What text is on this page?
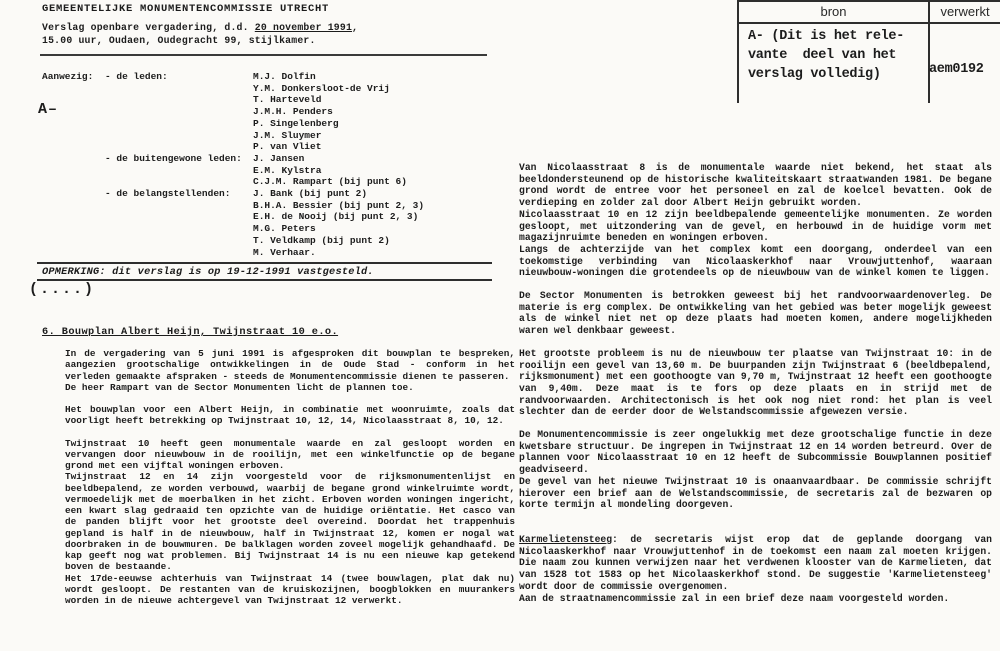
GEMEENTELIJKE MONUMENTENCOMMISSIE UTRECHT
Verslag openbare vergadering, d.d. 20 november 1991,
15.00 uur, Oudaen, Oudegracht 99, stijlkamer.
bron	verwerkt
A- (Dit is het rele-
vante  deel van het
verslag volledig)	aem0192
Aanwezig: - de leden:	M.J. Dolfin
Y.M. Donkersloot-de Vrij
T. Harteveld
J.M.H. Penders
P. Singelenberg
J.M. Sluymer
P. van Vliet
- de buitengewone leden:	J. Jansen
E.M. Kylstra
C.J.M. Rampart (bij punt 6)
- de belangstellenden:	J. Bank (bij punt 2)
B.H.A. Bessier (bij punt 2, 3)
E.H. de Nooij (bij punt 2, 3)
M.G. Peters
T. Veldkamp (bij punt 2)
M. Verhaar.
A–
OPMERKING: dit verslag is op 19-12-1991 vastgesteld.
(....)
6. Bouwplan Albert Heijn, Twijnstraat 10 e.o.
In de vergadering van 5 juni 1991 is afgesproken dit bouwplan te bespreken, aangezien grootschalige ontwikkelingen in de Oude Stad - conform in het verleden gemaakte afspraken - steeds de Monumentencommissie dienen te passeren.
De heer Rampart van de Sector Monumenten licht de plannen toe.
Het bouwplan voor een Albert Heijn, in combinatie met woonruimte, zoals dat voorligt heeft betrekking op Twijnstraat 10, 12, 14, Nicolaasstraat 8, 10, 12.
Twijnstraat 10 heeft geen monumentale waarde en zal gesloopt worden en vervangen door nieuwbouw in de rooilijn, met een winkelfunctie op de begane grond met een vijftal woningen erboven.
Twijnstraat 12 en 14 zijn voorgesteld voor de rijksmonumentenlijst en beeldbepalend, ze worden verbouwd, waarbij de begane grond winkelruimte wordt, vermoedelijk met de moerbalken in het zicht. Erboven worden woningen ingericht, een kwart slag gedraaid ten opzichte van de huidige oriëntatie. Het casco van de panden blijft voor het grootste deel overeind. Doordat het trappenhuis gepland is half in de nieuwbouw, half in Twijnstraat 12, komen er nogal wat doorbraken in de bouwmuren. De balklagen worden zoveel mogelijk gehandhaafd. De kap geeft nog wat problemen. Bij Twijnstraat 14 is nu een nieuwe kap getekend boven de bestaande.
Het 17de-eeuwse achterhuis van Twijnstraat 14 (twee bouwlagen, plat dak nu) wordt gesloopt. De restanten van de kruiskozijnen, boogblokken en muurankers worden in de nieuwe achtergevel van Twijnstraat 12 verwerkt.
Van Nicolaasstraat 8 is de monumentale waarde niet bekend, het staat als beeldondersteunend op de historische kwaliteitskaart straatwanden 1981. De begane grond wordt de entree voor het personeel en zal de koelcel bevatten. Ook de verdieping en zolder zal door Albert Heijn gebruikt worden.
Nicolaasstraat 10 en 12 zijn beeldbepalende gemeentelijke monumenten. Ze worden gesloopt, met uitzondering van de gevel, en herbouwd in de huidige vorm met magazijnruimte beneden en woningen erboven.
Langs de achterzijde van het complex komt een doorgang, onderdeel van een toekomstige verbinding van Nicolaaskerkhof naar Vrouwjuttenhof, waaraan nieuwbouw-woningen die grotendeels op de nieuwbouw van de winkel komen te liggen.
De Sector Monumenten is betrokken geweest bij het randvoorwaardenoverleg. De materie is erg complex. De ontwikkeling van het gebied was beter mogelijk geweest als de winkel niet net op deze plaats had moeten komen, andere mogelijkheden waren wel denkbaar geweest.
Het grootste probleem is nu de nieuwbouw ter plaatse van Twijnstraat 10: in de rooilijn een gevel van 13,60 m. De buurpanden zijn Twijnstraat 6 (beeldbepalend, rijksmonument) met een goothoogte van 9,70 m, Twijnstraat 12 heeft een goothoogte van 9,40m. Deze maat is te fors op deze plaats en in strijd met de randvoorwaarden. Architectonisch is het ook nog niet rond: het plan is veel slechter dan de eerder door de Welstandscommissie afgewezen versie.
De Monumentencommissie is zeer ongelukkig met deze grootschalige functie in deze kwetsbare structuur. De ingrepen in Twijnstraat 12 en 14 worden betreurd. Over de plannen voor Nicolaasstraat 10 en 12 heeft de Subcommissie Bouwplannen positief geadviseerd.
De gevel van het nieuwe Twijnstraat 10 is onaanvaardbaar. De commissie schrijft hierover een brief aan de Welstandscommissie, de secretaris zal de bezwaren op korte termijn al mondeling doorgeven.
Karmelietensteeg: de secretaris wijst erop dat de geplande doorgang van Nicolaaskerkhof naar Vrouwjuttenhof in de toekomst een naam zal moeten krijgen. Die naam zou kunnen verwijzen naar het verdwenen klooster van de Karmelieten, dat van 1528 tot 1583 op het Nicolaaskerkhof stond. De suggestie 'Karmelietensteeg' wordt door de commissie overgenomen.
Aan de straatnamencommissie zal in een brief deze naam voorgesteld worden.
